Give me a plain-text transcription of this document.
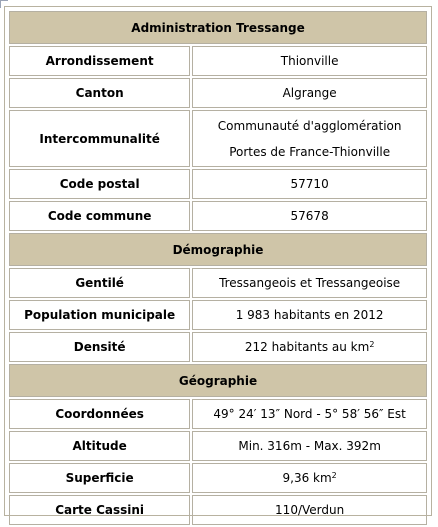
Administration Tressange	
Arrondissement	Thionville
Canton	Algrange
Intercommunalité	Communauté d'agglomération
Portes de France-Thionville

Code postal	57710
Code commune	57678
Démographie	
Gentilé	Tressangeois et Tressangeoise
Population municipale	1 983 habitants en 2012
Densité	212 habitants au $km^2$
Géographie	
Coordonnées	49° 24′ 13″ Nord - 5° 58′ 56″ Est
Altitude	Min. 316m - Max. 392m
Superficie	9,36 $km^2$
Carte Cassini	110/Verdun
